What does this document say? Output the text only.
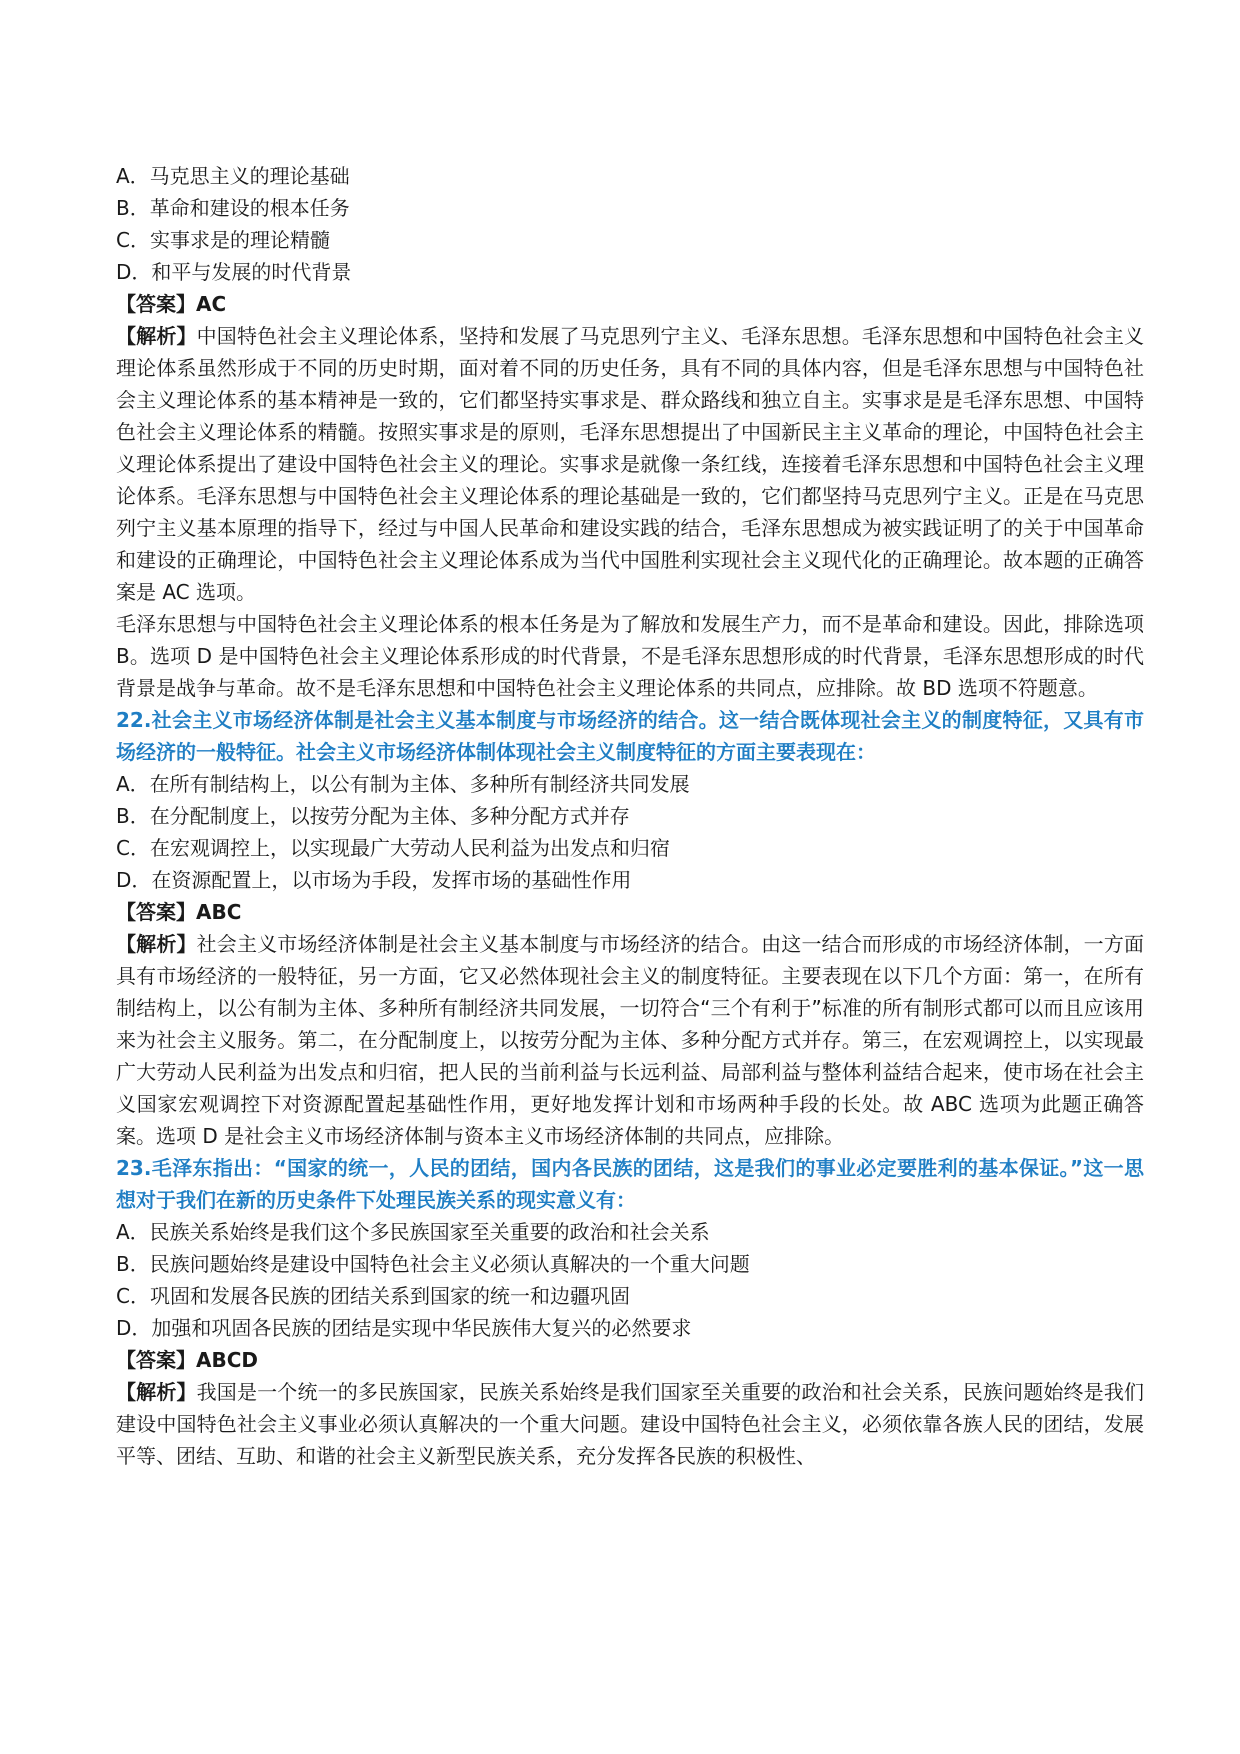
A．马克思主义的理论基础

B．革命和建设的根本任务

C．实事求是的理论精髓

D．和平与发展的时代背景

【答案】AC

【解析】中国特色社会主义理论体系，坚持和发展了马克思列宁主义、毛泽东思想。毛泽东思想和中国特色社会主义理论体系虽然形成于不同的历史时期，面对着不同的历史任务，具有不同的具体内容，但是毛泽东思想与中国特色社会主义理论体系的基本精神是一致的，它们都坚持实事求是、群众路线和独立自主。实事求是是毛泽东思想、中国特色社会主义理论体系的精髓。按照实事求是的原则，毛泽东思想提出了中国新民主主义革命的理论，中国特色社会主义理论体系提出了建设中国特色社会主义的理论。实事求是就像一条红线，连接着毛泽东思想和中国特色社会主义理论体系。毛泽东思想与中国特色社会主义理论体系的理论基础是一致的，它们都坚持马克思列宁主义。正是在马克思列宁主义基本原理的指导下，经过与中国人民革命和建设实践的结合，毛泽东思想成为被实践证明了的关于中国革命和建设的正确理论，中国特色社会主义理论体系成为当代中国胜利实现社会主义现代化的正确理论。故本题的正确答案是 AC 选项。

毛泽东思想与中国特色社会主义理论体系的根本任务是为了解放和发展生产力，而不是革命和建设。因此，排除选项 B。选项 D 是中国特色社会主义理论体系形成的时代背景，不是毛泽东思想形成的时代背景，毛泽东思想形成的时代背景是战争与革命。故不是毛泽东思想和中国特色社会主义理论体系的共同点，应排除。故 BD 选项不符题意。

22.社会主义市场经济体制是社会主义基本制度与市场经济的结合。这一结合既体现社会主义的制度特征，又具有市场经济的一般特征。社会主义市场经济体制体现社会主义制度特征的方面主要表现在：

A．在所有制结构上，以公有制为主体、多种所有制经济共同发展

B．在分配制度上，以按劳分配为主体、多种分配方式并存

C．在宏观调控上，以实现最广大劳动人民利益为出发点和归宿

D．在资源配置上，以市场为手段，发挥市场的基础性作用

【答案】ABC

【解析】社会主义市场经济体制是社会主义基本制度与市场经济的结合。由这一结合而形成的市场经济体制，一方面具有市场经济的一般特征，另一方面，它又必然体现社会主义的制度特征。主要表现在以下几个方面：第一，在所有制结构上，以公有制为主体、多种所有制经济共同发展，一切符合“三个有利于”标准的所有制形式都可以而且应该用来为社会主义服务。第二，在分配制度上，以按劳分配为主体、多种分配方式并存。第三，在宏观调控上，以实现最广大劳动人民利益为出发点和归宿，把人民的当前利益与长远利益、局部利益与整体利益结合起来，使市场在社会主义国家宏观调控下对资源配置起基础性作用，更好地发挥计划和市场两种手段的长处。故 ABC 选项为此题正确答案。选项 D 是社会主义市场经济体制与资本主义市场经济体制的共同点，应排除。

23.毛泽东指出：“国家的统一，人民的团结，国内各民族的团结，这是我们的事业必定要胜利的基本保证。”这一思想对于我们在新的历史条件下处理民族关系的现实意义有：

A．民族关系始终是我们这个多民族国家至关重要的政治和社会关系

B．民族问题始终是建设中国特色社会主义必须认真解决的一个重大问题

C．巩固和发展各民族的团结关系到国家的统一和边疆巩固

D．加强和巩固各民族的团结是实现中华民族伟大复兴的必然要求

【答案】ABCD

【解析】我国是一个统一的多民族国家，民族关系始终是我们国家至关重要的政治和社会关系，民族问题始终是我们建设中国特色社会主义事业必须认真解决的一个重大问题。建设中国特色社会主义，必须依靠各族人民的团结，发展平等、团结、互助、和谐的社会主义新型民族关系，充分发挥各民族的积极性、
